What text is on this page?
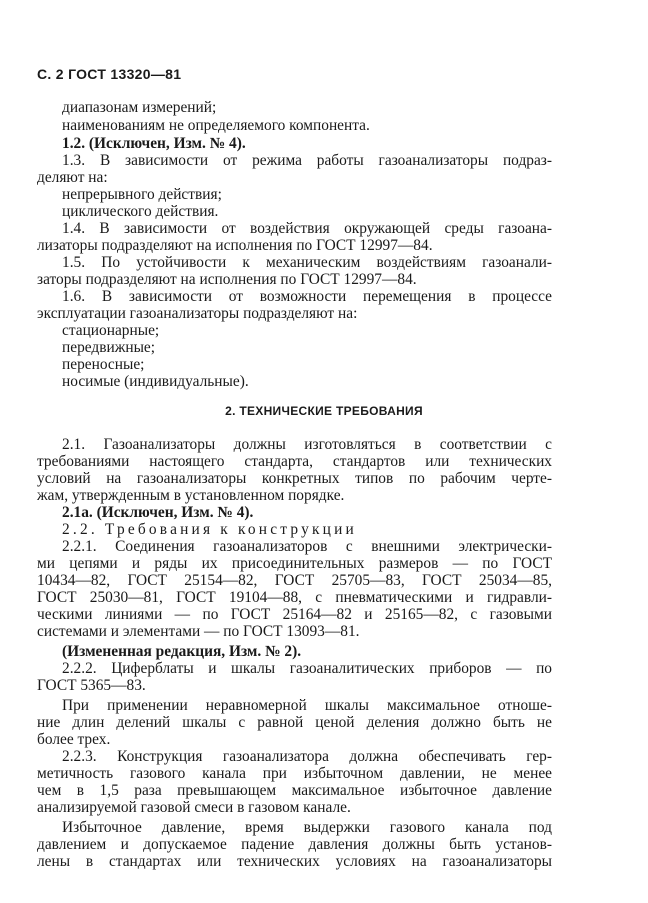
С. 2 ГОСТ 13320—81
диапазонам измерений;
наименованиям не определяемого компонента.
1.2. (Исключен, Изм. № 4).
1.3. В зависимости от режима работы газоанализаторы подраз-
деляют на:
непрерывного действия;
циклического действия.
1.4. В зависимости от воздействия окружающей среды газоана-
лизаторы подразделяют на исполнения по ГОСТ 12997—84.
1.5. По устойчивости к механическим воздействиям газоанали-
заторы подразделяют на исполнения по ГОСТ 12997—84.
1.6. В зависимости от возможности перемещения в процессе
эксплуатации газоанализаторы подразделяют на:
стационарные;
передвижные;
переносные;
носимые (индивидуальные).
2. ТЕХНИЧЕСКИЕ ТРЕБОВАНИЯ
2.1. Газоанализаторы должны изготовляться в соответствии с
требованиями настоящего стандарта, стандартов или технических
условий на газоанализаторы конкретных типов по рабочим черте-
жам, утвержденным в установленном порядке.
2.1а. (Исключен, Изм. № 4).
2.2. Требования к конструкции
2.2.1. Соединения газоанализаторов с внешними электрически-
ми цепями и ряды их присоединительных размеров — по ГОСТ
10434—82, ГОСТ 25154—82, ГОСТ 25705—83, ГОСТ 25034—85,
ГОСТ 25030—81, ГОСТ 19104—88, с пневматическими и гидравли-
ческими линиями — по ГОСТ 25164—82 и 25165—82, с газовыми
системами и элементами — по ГОСТ 13093—81.
(Измененная редакция, Изм. № 2).
2.2.2. Циферблаты и шкалы газоаналитических приборов — по
ГОСТ 5365—83.
При применении неравномерной шкалы максимальное отноше-
ние длин делений шкалы с равной ценой деления должно быть не
более трех.
2.2.3. Конструкция газоанализатора должна обеспечивать гер-
метичность газового канала при избыточном давлении, не менее
чем в 1,5 раза превышающем максимальное избыточное давление
анализируемой газовой смеси в газовом канале.
Избыточное давление, время выдержки газового канала под
давлением и допускаемое падение давления должны быть установ-
лены в стандартах или технических условиях на газоанализаторы
